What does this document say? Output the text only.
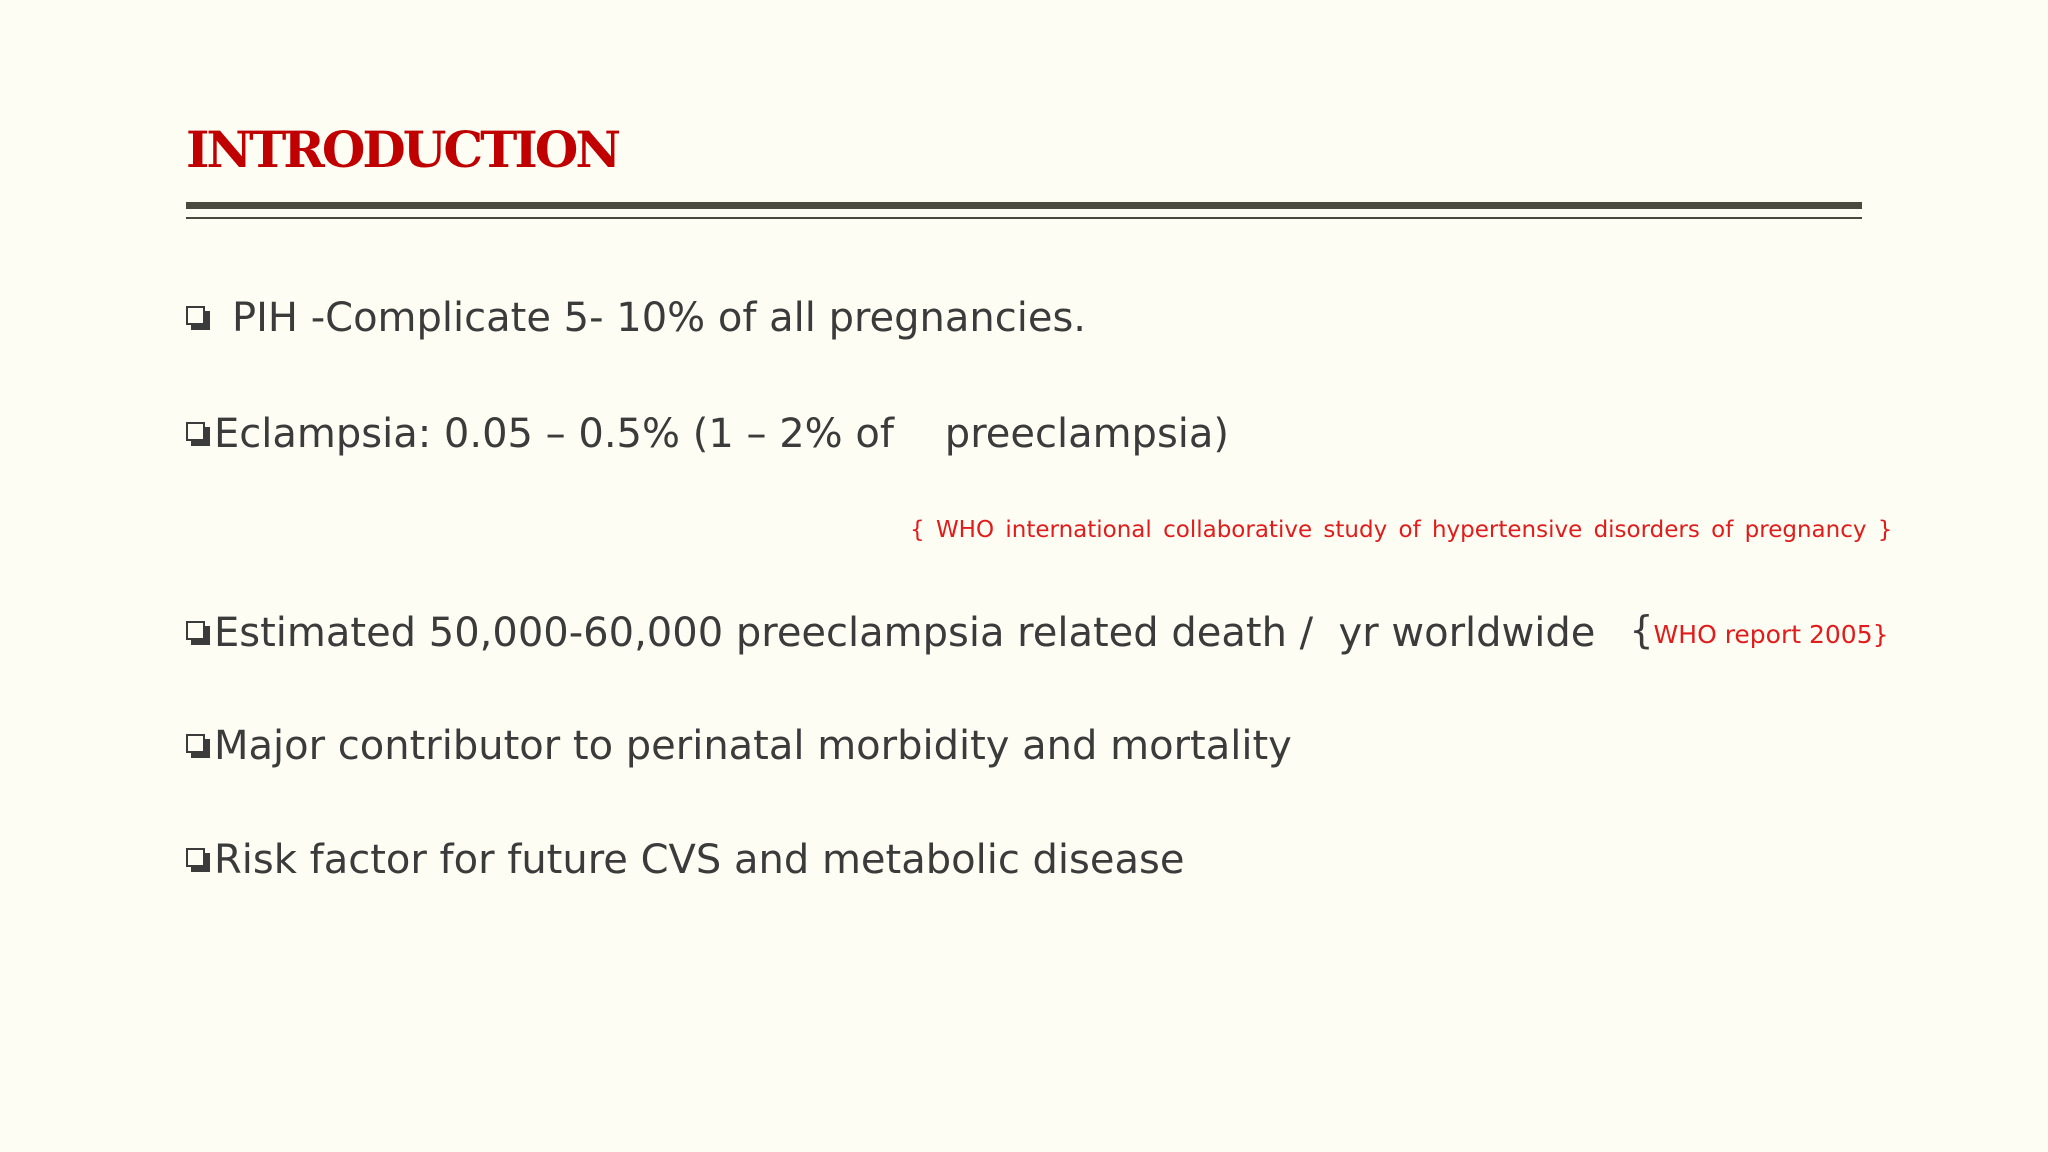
INTRODUCTION
PIH -Complicate 5- 10% of all pregnancies.
Eclampsia: 0.05 – 0.5% (1 – 2% of    preeclampsia)
{ WHO international collaborative study of hypertensive disorders of pregnancy }
Estimated 50,000-60,000 preeclampsia related death /  yr worldwide {WHO report 2005}
Major contributor to perinatal morbidity and mortality
Risk factor for future CVS and metabolic disease
